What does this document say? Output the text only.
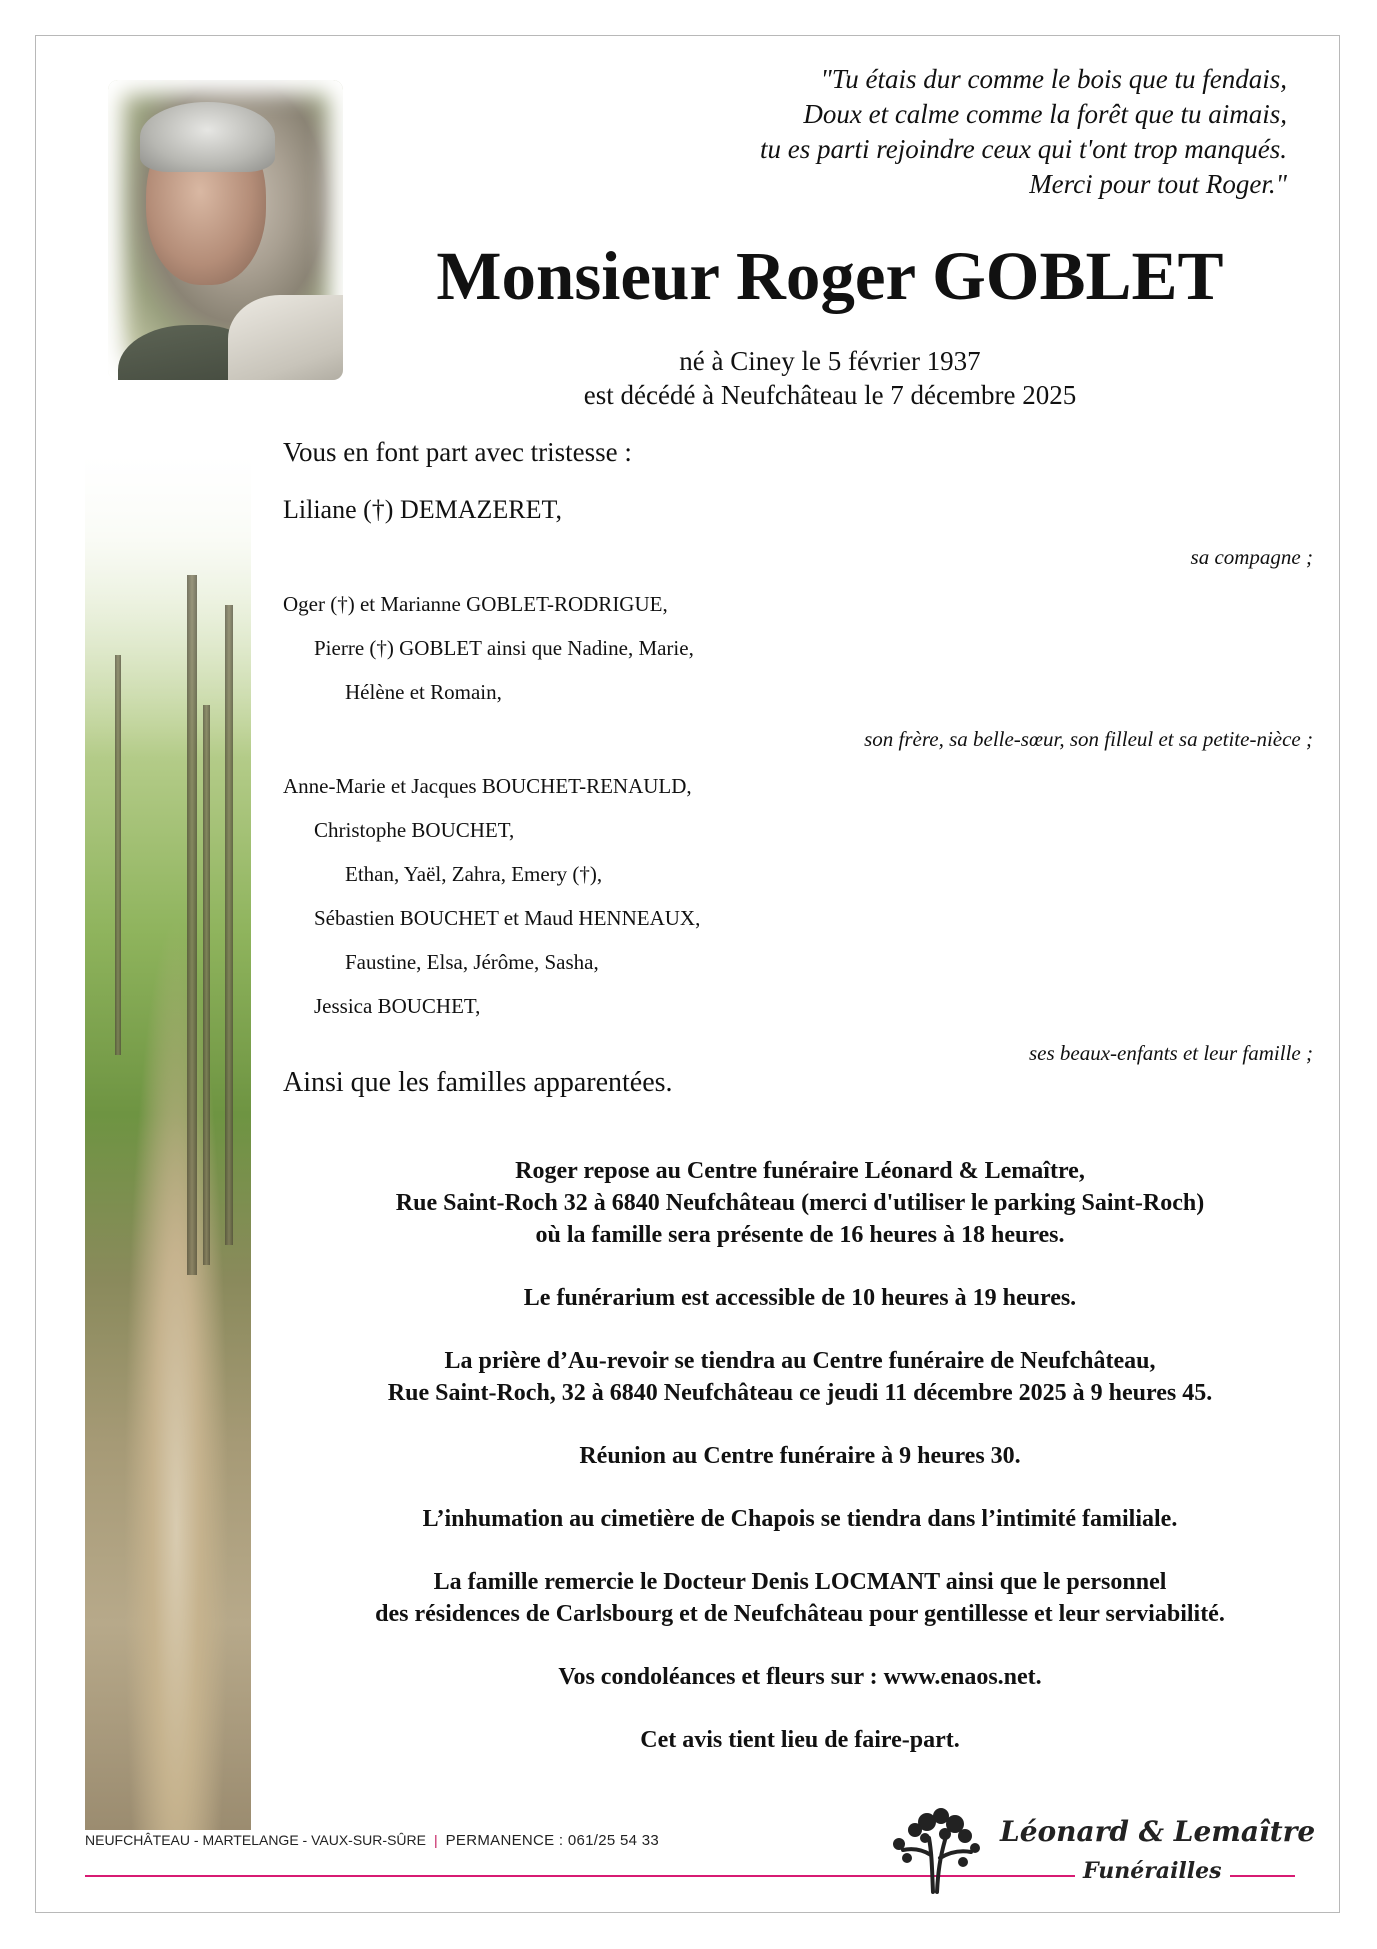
"Tu étais dur comme le bois que tu fendais,
Doux et calme comme la forêt que tu aimais,
tu es parti rejoindre ceux qui t'ont trop manqués.
Merci pour tout Roger."
Monsieur Roger GOBLET
né à Ciney le 5 février 1937
est décédé à Neufchâteau le 7 décembre 2025
Vous en font part avec tristesse :
Liliane (†) DEMAZERET,
sa compagne ;
Oger (†) et Marianne GOBLET-RODRIGUE,
Pierre (†) GOBLET ainsi que Nadine, Marie,
Hélène et Romain,
son frère, sa belle-sœur, son filleul et sa petite-nièce ;
Anne-Marie et Jacques BOUCHET-RENAULD,
Christophe BOUCHET,
Ethan, Yaël, Zahra, Emery (†),
Sébastien BOUCHET et Maud HENNEAUX,
Faustine, Elsa, Jérôme, Sasha,
Jessica BOUCHET,
ses beaux-enfants et leur famille ;
Ainsi que les familles apparentées.
Roger repose au Centre funéraire Léonard & Lemaître,
Rue Saint-Roch 32 à 6840 Neufchâteau (merci d'utiliser le parking Saint-Roch)
où la famille sera présente de 16 heures à 18 heures.
Le funérarium est accessible de 10 heures à 19 heures.
La prière d’Au-revoir se tiendra au Centre funéraire de Neufchâteau,
Rue Saint-Roch, 32 à 6840 Neufchâteau ce jeudi 11 décembre 2025 à 9 heures 45.
Réunion au Centre funéraire à 9 heures 30.
L’inhumation au cimetière de Chapois se tiendra dans l’intimité familiale.
La famille remercie le Docteur Denis LOCMANT ainsi que le personnel
des résidences de Carlsbourg et de Neufchâteau pour gentillesse et leur serviabilité.
Vos condoléances et fleurs sur : www.enaos.net.
Cet avis tient lieu de faire-part.
NEUFCHÂTEAU - MARTELANGE - VAUX-SUR-SÛRE | PERMANENCE : 061/25 54 33	Léonard & Lemaître
Funérailles
